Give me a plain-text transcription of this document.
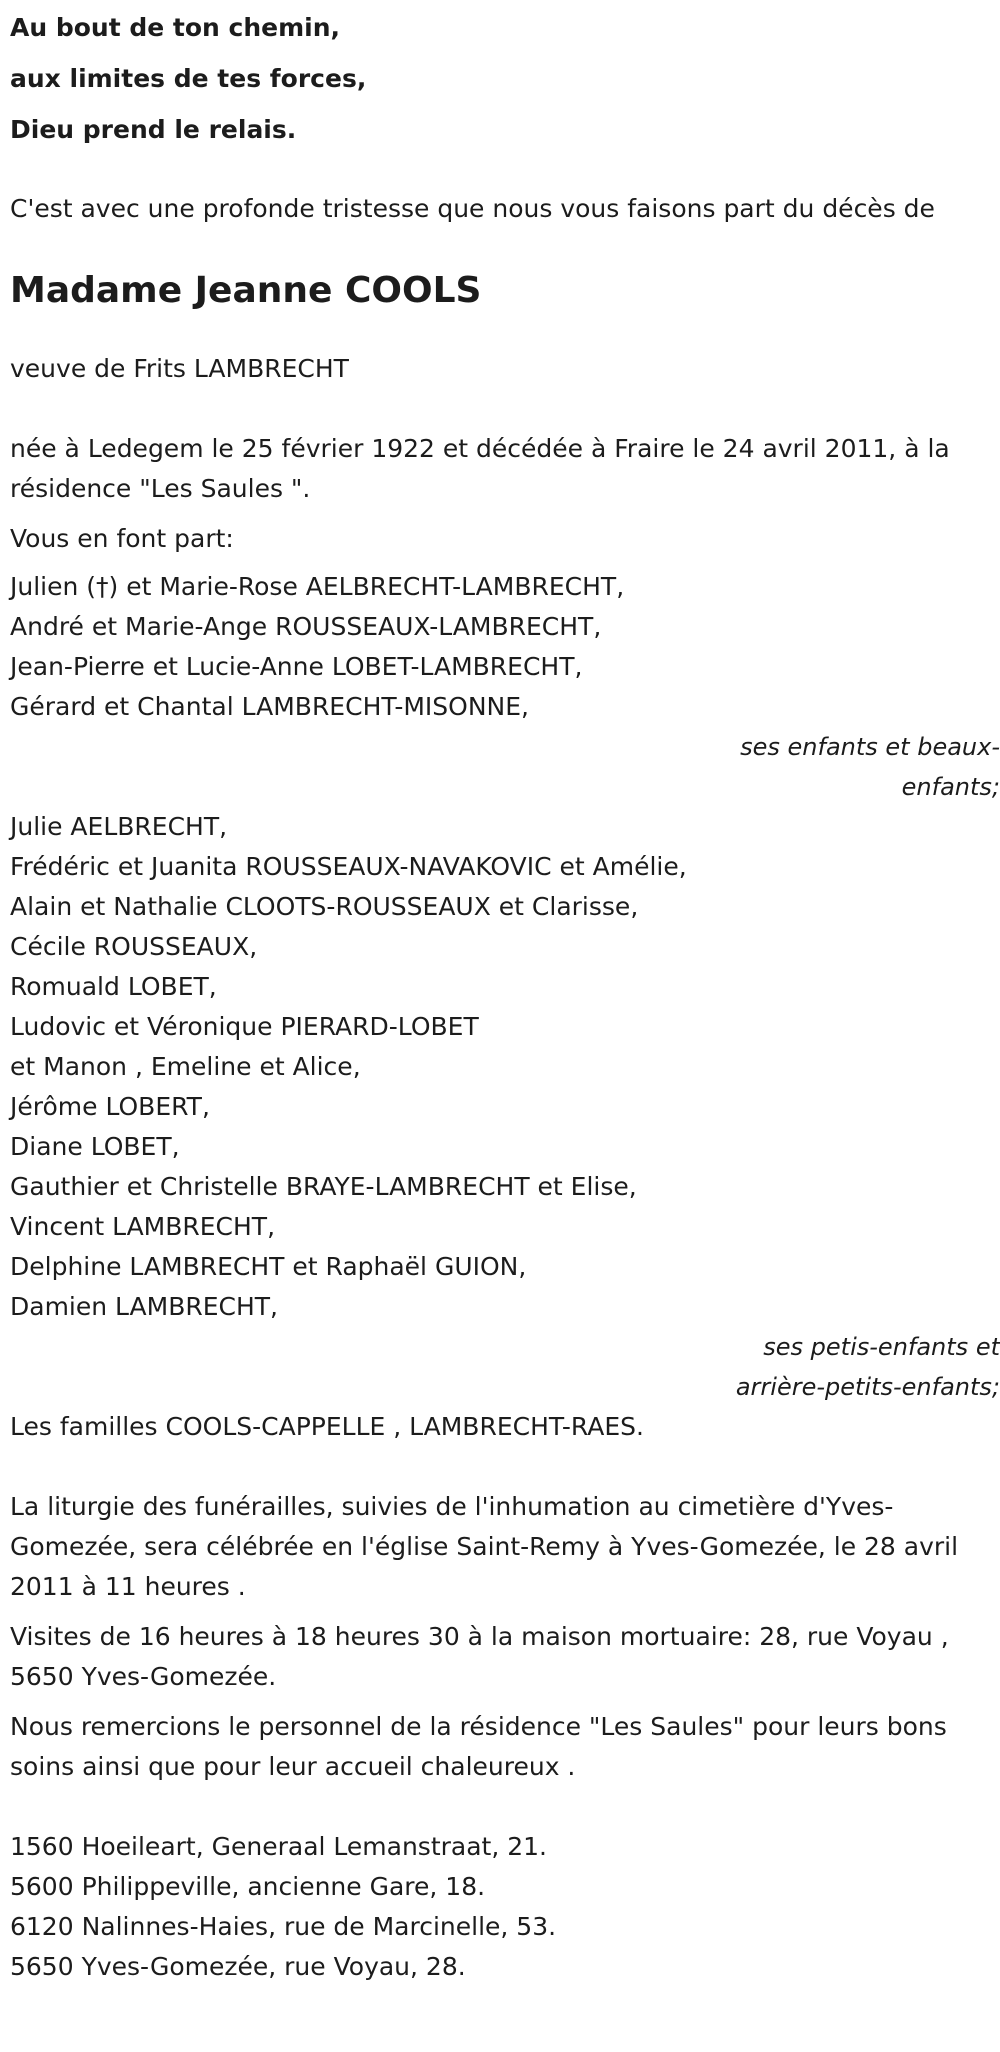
Au bout de ton chemin,
aux limites de tes forces,
Dieu prend le relais.

C'est avec une profonde tristesse que nous vous faisons part du décès de

Madame Jeanne COOLS

veuve de Frits LAMBRECHT

née à Ledegem le 25 février 1922 et décédée à Fraire le 24 avril 2011, à la résidence "Les Saules ".

Vous en font part:

Julien (†) et Marie-Rose AELBRECHT-LAMBRECHT,
André et Marie-Ange ROUSSEAUX-LAMBRECHT,
Jean-Pierre et Lucie-Anne LOBET-LAMBRECHT,
Gérard et Chantal LAMBRECHT-MISONNE,
ses enfants et beaux-enfants;
Julie AELBRECHT,
Frédéric et Juanita ROUSSEAUX-NAVAKOVIC et Amélie,
Alain et Nathalie CLOOTS-ROUSSEAUX et Clarisse,
Cécile ROUSSEAUX,
Romuald LOBET,
Ludovic et Véronique PIERARD-LOBET
et Manon , Emeline et Alice,
Jérôme LOBERT,
Diane LOBET,
Gauthier et Christelle BRAYE-LAMBRECHT et Elise,
Vincent LAMBRECHT,
Delphine LAMBRECHT et Raphaël GUION,
Damien LAMBRECHT,
ses petis-enfants et arrière-petits-enfants;

Les familles COOLS-CAPPELLE , LAMBRECHT-RAES.

La liturgie des funérailles, suivies de l'inhumation au cimetière d'Yves-Gomezée, sera célébrée en l'église Saint-Remy à Yves-Gomezée, le 28 avril 2011 à 11 heures .

Visites de 16 heures à 18 heures 30 à la maison mortuaire: 28, rue Voyau , 5650 Yves-Gomezée.

Nous remercions le personnel de la résidence "Les Saules" pour leurs bons soins ainsi que pour leur accueil chaleureux .

1560 Hoeileart, Generaal Lemanstraat, 21.
5600 Philippeville, ancienne Gare, 18.
6120 Nalinnes-Haies, rue de Marcinelle, 53.
5650 Yves-Gomezée, rue Voyau, 28.
